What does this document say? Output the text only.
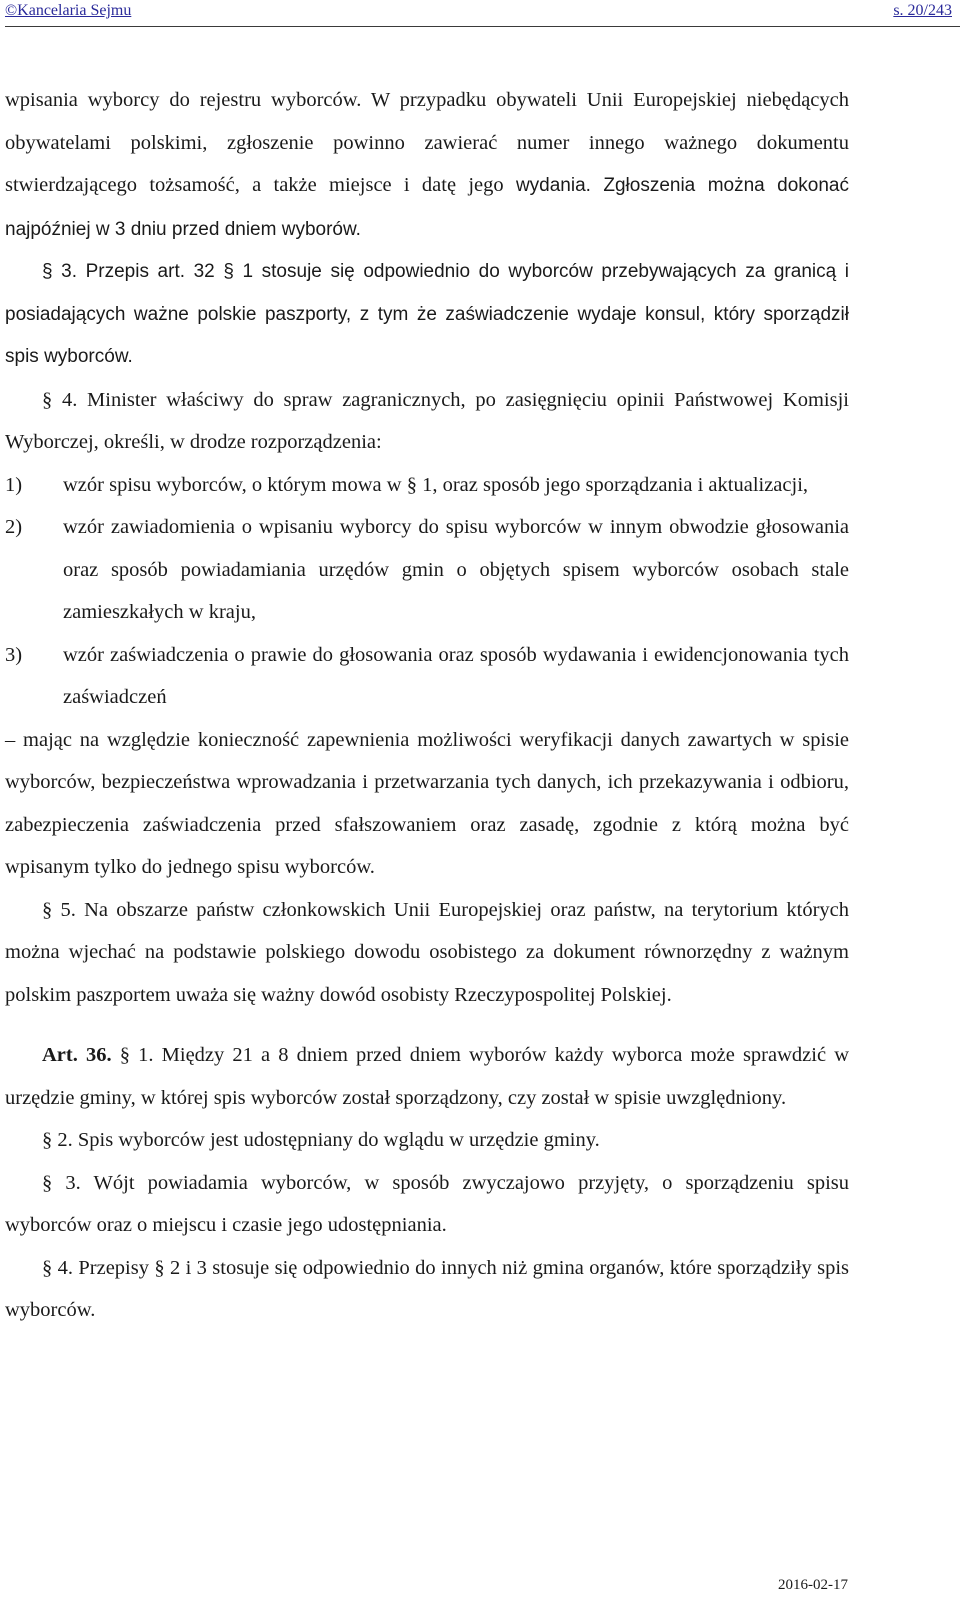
©Kancelaria Sejmu	s. 20/243

wpisania wyborcy do rejestru wyborców. W przypadku obywateli Unii Europejskiej niebędących obywatelami polskimi, zgłoszenie powinno zawierać numer innego ważnego dokumentu stwierdzającego tożsamość, a także miejsce i datę jego wydania. Zgłoszenia można dokonać najpóźniej w 3 dniu przed dniem wyborów.

§ 3. Przepis art. 32 § 1 stosuje się odpowiednio do wyborców przebywających za granicą i posiadających ważne polskie paszporty, z tym że zaświadczenie wydaje konsul, który sporządził spis wyborców.

§ 4. Minister właściwy do spraw zagranicznych, po zasięgnięciu opinii Państwowej Komisji Wyborczej, określi, w drodze rozporządzenia:

1) wzór spisu wyborców, o którym mowa w § 1, oraz sposób jego sporządzania i aktualizacji,
2) wzór zawiadomienia o wpisaniu wyborcy do spisu wyborców w innym obwodzie głosowania oraz sposób powiadamiania urzędów gmin o objętych spisem wyborców osobach stale zamieszkałych w kraju,
3) wzór zaświadczenia o prawie do głosowania oraz sposób wydawania i ewidencjonowania tych zaświadczeń

– mając na względzie konieczność zapewnienia możliwości weryfikacji danych zawartych w spisie wyborców, bezpieczeństwa wprowadzania i przetwarzania tych danych, ich przekazywania i odbioru, zabezpieczenia zaświadczenia przed sfałszowaniem oraz zasadę, zgodnie z którą można być wpisanym tylko do jednego spisu wyborców.

§ 5. Na obszarze państw członkowskich Unii Europejskiej oraz państw, na terytorium których można wjechać na podstawie polskiego dowodu osobistego za dokument równorzędny z ważnym polskim paszportem uważa się ważny dowód osobisty Rzeczypospolitej Polskiej.

Art. 36. § 1. Między 21 a 8 dniem przed dniem wyborów każdy wyborca może sprawdzić w urzędzie gminy, w której spis wyborców został sporządzony, czy został w spisie uwzględniony.

§ 2. Spis wyborców jest udostępniany do wglądu w urzędzie gminy.

§ 3. Wójt powiadamia wyborców, w sposób zwyczajowo przyjęty, o sporządzeniu spisu wyborców oraz o miejscu i czasie jego udostępniania.

§ 4. Przepisy § 2 i 3 stosuje się odpowiednio do innych niż gmina organów, które sporządziły spis wyborców.

2016-02-17
